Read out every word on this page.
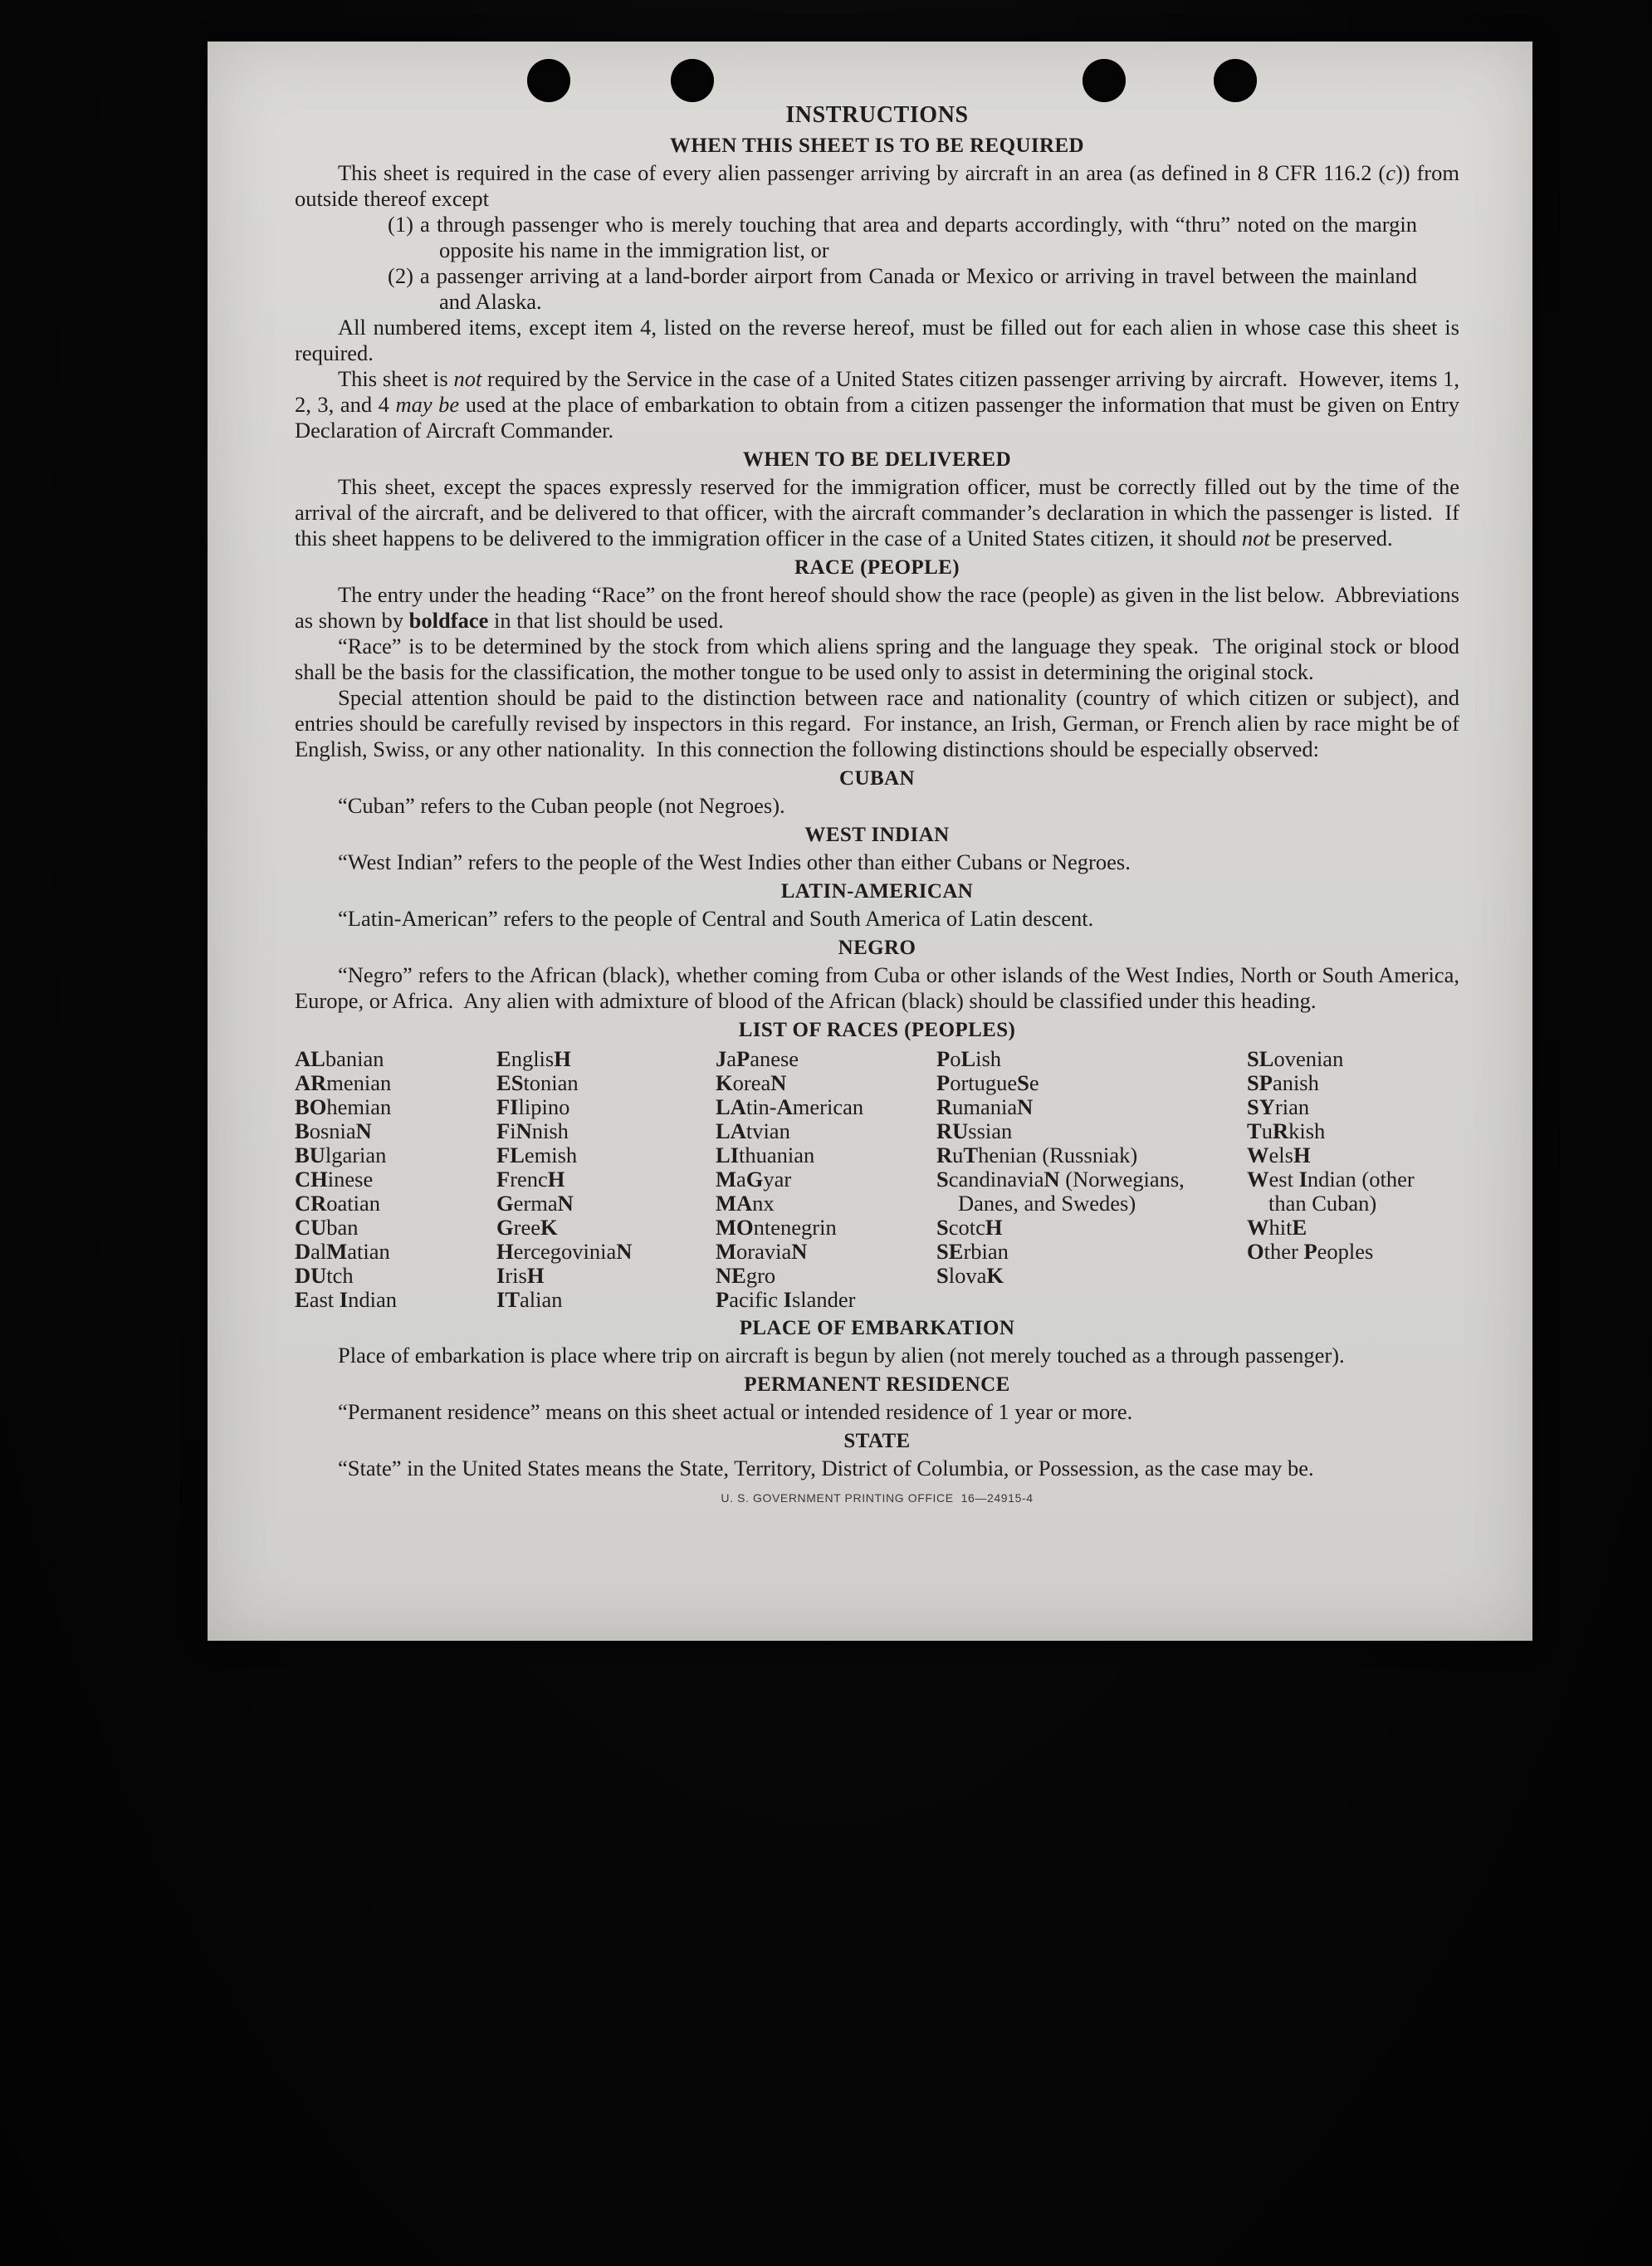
INSTRUCTIONS
WHEN THIS SHEET IS TO BE REQUIRED

This sheet is required in the case of every alien passenger arriving by aircraft in an area (as defined in 8 CFR 116.2 (c)) from outside thereof except

(1) a through passenger who is merely touching that area and departs accordingly, with “thru” noted on the margin opposite his name in the immigration list, or

(2) a passenger arriving at a land-border airport from Canada or Mexico or arriving in travel between the mainland and Alaska.

All numbered items, except item 4, listed on the reverse hereof, must be filled out for each alien in whose case this sheet is required.

This sheet is not required by the Service in the case of a United States citizen passenger arriving by aircraft.  However, items 1, 2, 3, and 4 may be used at the place of embarkation to obtain from a citizen passenger the information that must be given on Entry Declaration of Aircraft Commander.

WHEN TO BE DELIVERED

This sheet, except the spaces expressly reserved for the immigration officer, must be correctly filled out by the time of the arrival of the aircraft, and be delivered to that officer, with the aircraft commander’s declaration in which the passenger is listed.  If this sheet happens to be delivered to the immigration officer in the case of a United States citizen, it should not be preserved.

RACE (PEOPLE)

The entry under the heading “Race” on the front hereof should show the race (people) as given in the list below.  Abbreviations as shown by boldface in that list should be used.

“Race” is to be determined by the stock from which aliens spring and the language they speak.  The original stock or blood shall be the basis for the classification, the mother tongue to be used only to assist in determining the original stock.

Special attention should be paid to the distinction between race and nationality (country of which citizen or subject), and entries should be carefully revised by inspectors in this regard.  For instance, an Irish, German, or French alien by race might be of English, Swiss, or any other nationality.  In this connection the following distinctions should be especially observed:

CUBAN

“Cuban” refers to the Cuban people (not Negroes).

WEST INDIAN

“West Indian” refers to the people of the West Indies other than either Cubans or Negroes.

LATIN-AMERICAN

“Latin-American” refers to the people of Central and South America of Latin descent.

NEGRO

“Negro” refers to the African (black), whether coming from Cuba or other islands of the West Indies, North or South America, Europe, or Africa.  Any alien with admixture of blood of the African (black) should be classified under this heading.

LIST OF RACES (PEOPLES)
ALbanian
ARmenian
BOhemian
BosniaN
BUlgarian
CHinese
CRoatian
CUban
DalMatian
DUtch
East Indian
EnglisH
EStonian
FIlipino
FiNnish
FLemish
FrencH
GermaN
GreeK
HercegoviniaN
IrisH
ITalian
JaPanese
KoreaN
LAtin-American
LAtvian
LIthuanian
MaGyar
MAnx
MOntenegrin
MoraviaN
NEgro
Pacific Islander
PoLish
PortugueSe
RumaniaN
RUssian
RuThenian (Russniak)
ScandinaviaN (Norwegians, Danes, and Swedes)
ScotcH
SErbian
SlovaK
SLovenian
SPanish
SYrian
TuRkish
WelsH
West Indian (other than Cuban)
WhitE
Other Peoples
PLACE OF EMBARKATION

Place of embarkation is place where trip on aircraft is begun by alien (not merely touched as a through passenger).

PERMANENT RESIDENCE

“Permanent residence” means on this sheet actual or intended residence of 1 year or more.

STATE

“State” in the United States means the State, Territory, District of Columbia, or Possession, as the case may be.

U. S. GOVERNMENT PRINTING OFFICE  16—24915-4
